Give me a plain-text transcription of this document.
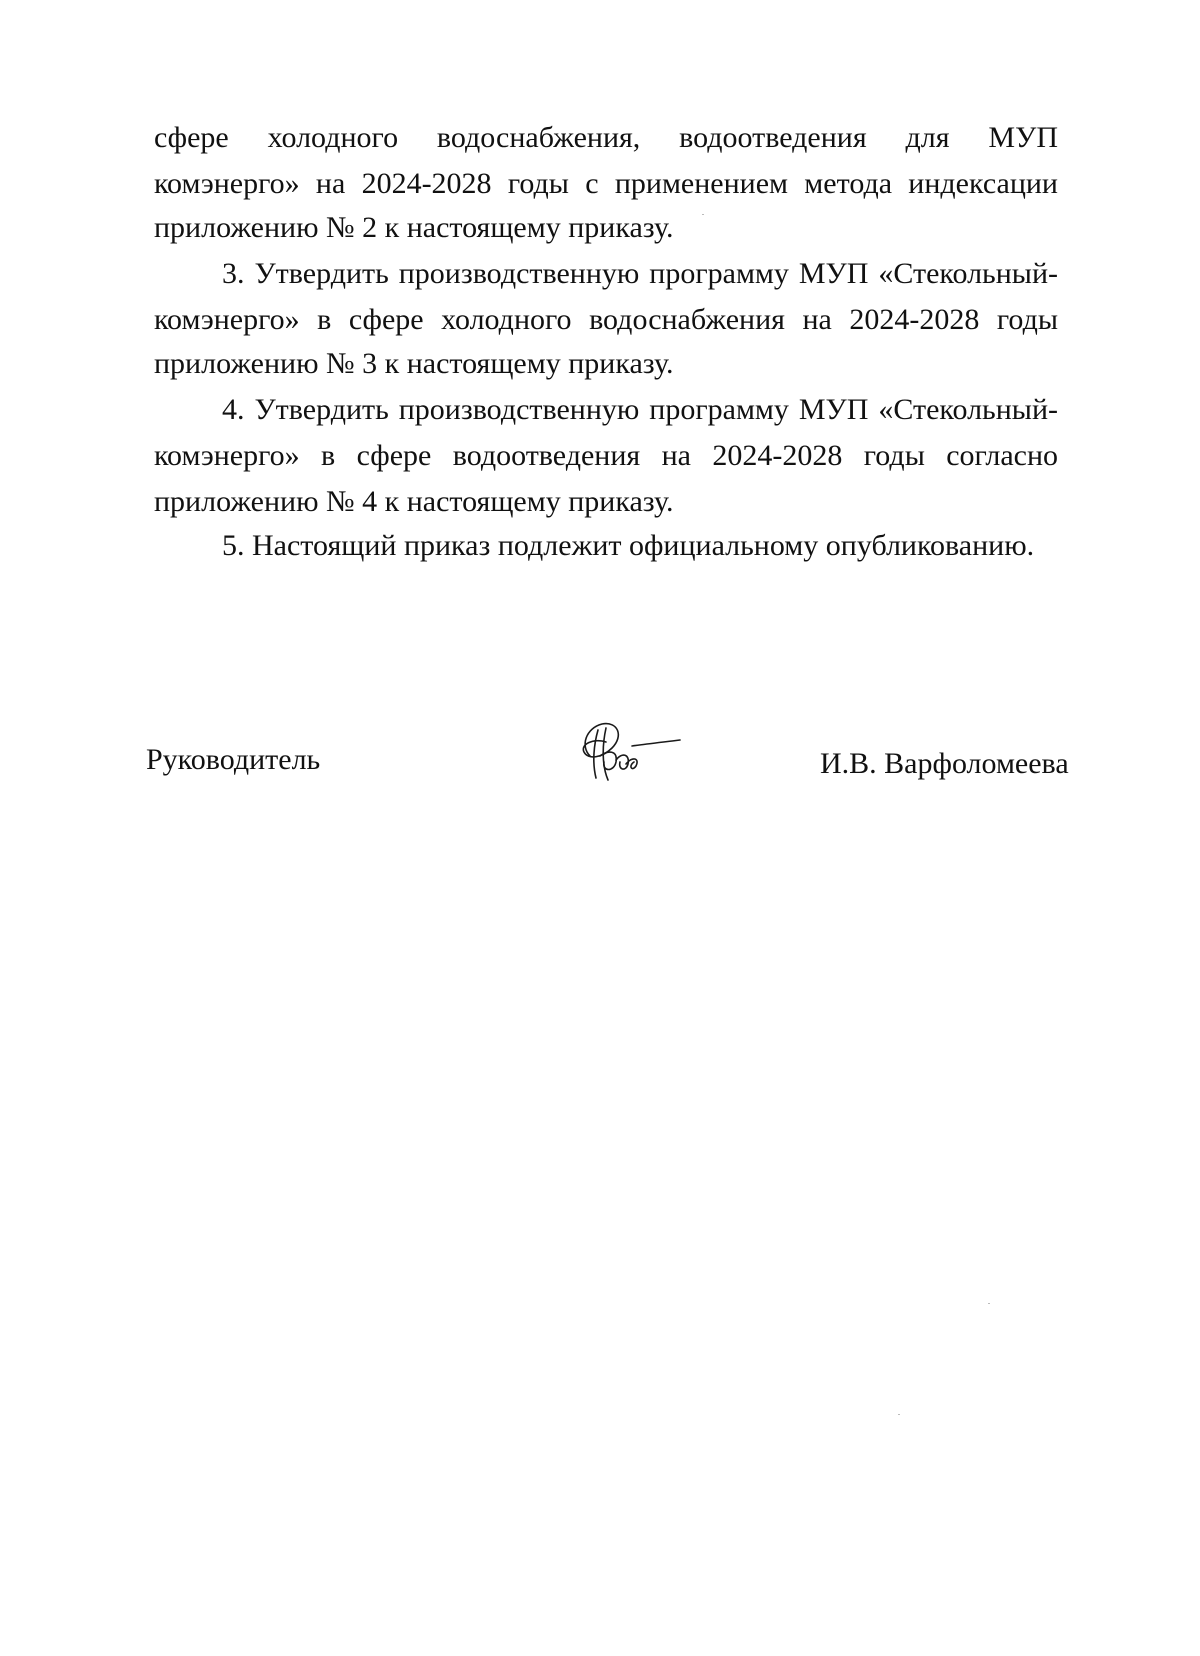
сфере холодного водоснабжения, водоотведения для МУП
комэнерго» на 2024-2028 годы с применением метода индексации
приложению № 2 к настоящему приказу.
3. Утвердить производственную программу МУП «Стекольный-
комэнерго» в сфере холодного водоснабжения на 2024-2028 годы
приложению № 3 к настоящему приказу.
4. Утвердить производственную программу МУП «Стекольный-
комэнерго» в сфере водоотведения на 2024-2028 годы согласно
приложению № 4 к настоящему приказу.
5. Настоящий приказ подлежит официальному опубликованию.
Руководитель	И.В. Варфоломеева
